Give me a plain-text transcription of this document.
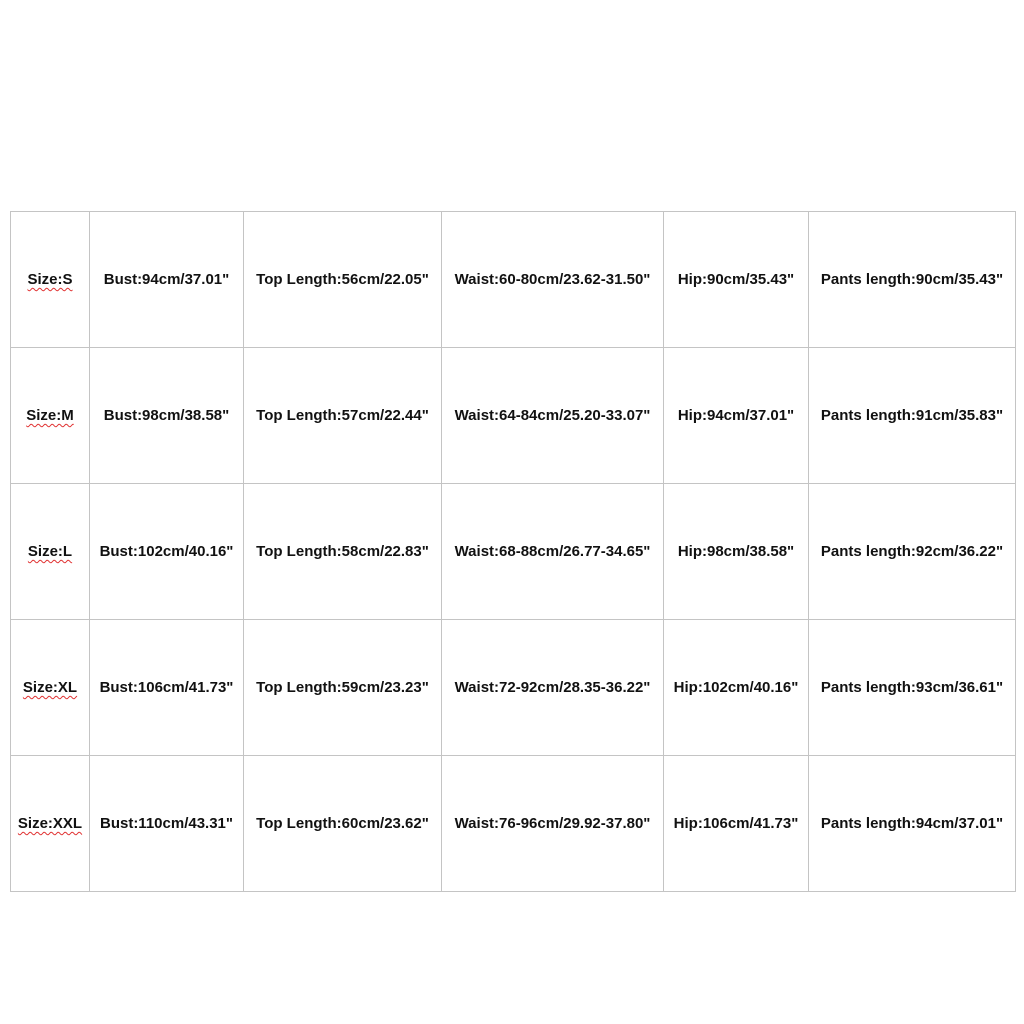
Size:S	Bust:94cm/37.01"	Top Length:56cm/22.05"	Waist:60-80cm/23.62-31.50"	Hip:90cm/35.43"	Pants length:90cm/35.43"
Size:M	Bust:98cm/38.58"	Top Length:57cm/22.44"	Waist:64-84cm/25.20-33.07"	Hip:94cm/37.01"	Pants length:91cm/35.83"
Size:L	Bust:102cm/40.16"	Top Length:58cm/22.83"	Waist:68-88cm/26.77-34.65"	Hip:98cm/38.58"	Pants length:92cm/36.22"
Size:XL	Bust:106cm/41.73"	Top Length:59cm/23.23"	Waist:72-92cm/28.35-36.22"	Hip:102cm/40.16"	Pants length:93cm/36.61"
Size:XXL	Bust:110cm/43.31"	Top Length:60cm/23.62"	Waist:76-96cm/29.92-37.80"	Hip:106cm/41.73"	Pants length:94cm/37.01"
